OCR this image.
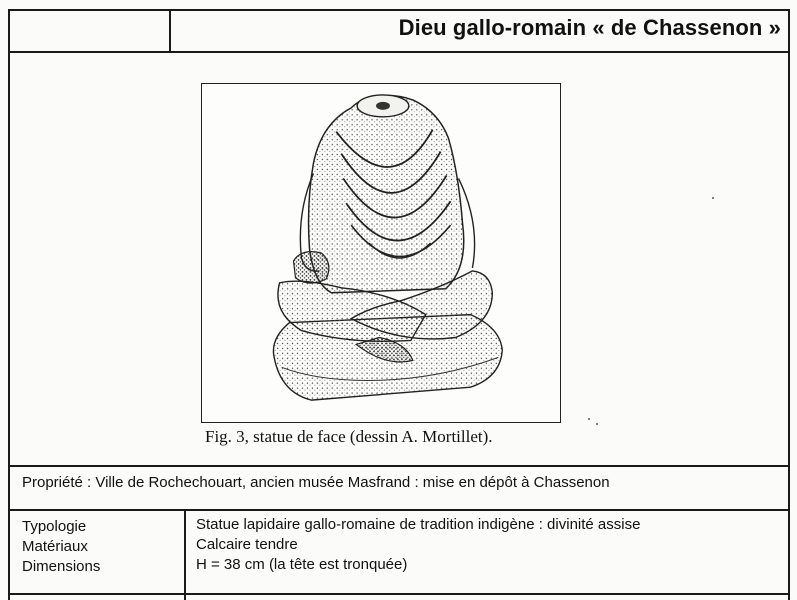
Dieu gallo-romain « de Chassenon »
Fig. 3, statue de face (dessin A. Mortillet).
Propriété : Ville de Rochechouart, ancien musée Masfrand : mise en dépôt à Chassenon
Typologie
Matériaux
Dimensions
Statue lapidaire gallo-romaine de tradition indigène : divinité assise
Calcaire tendre
H = 38 cm (la tête est tronquée)
